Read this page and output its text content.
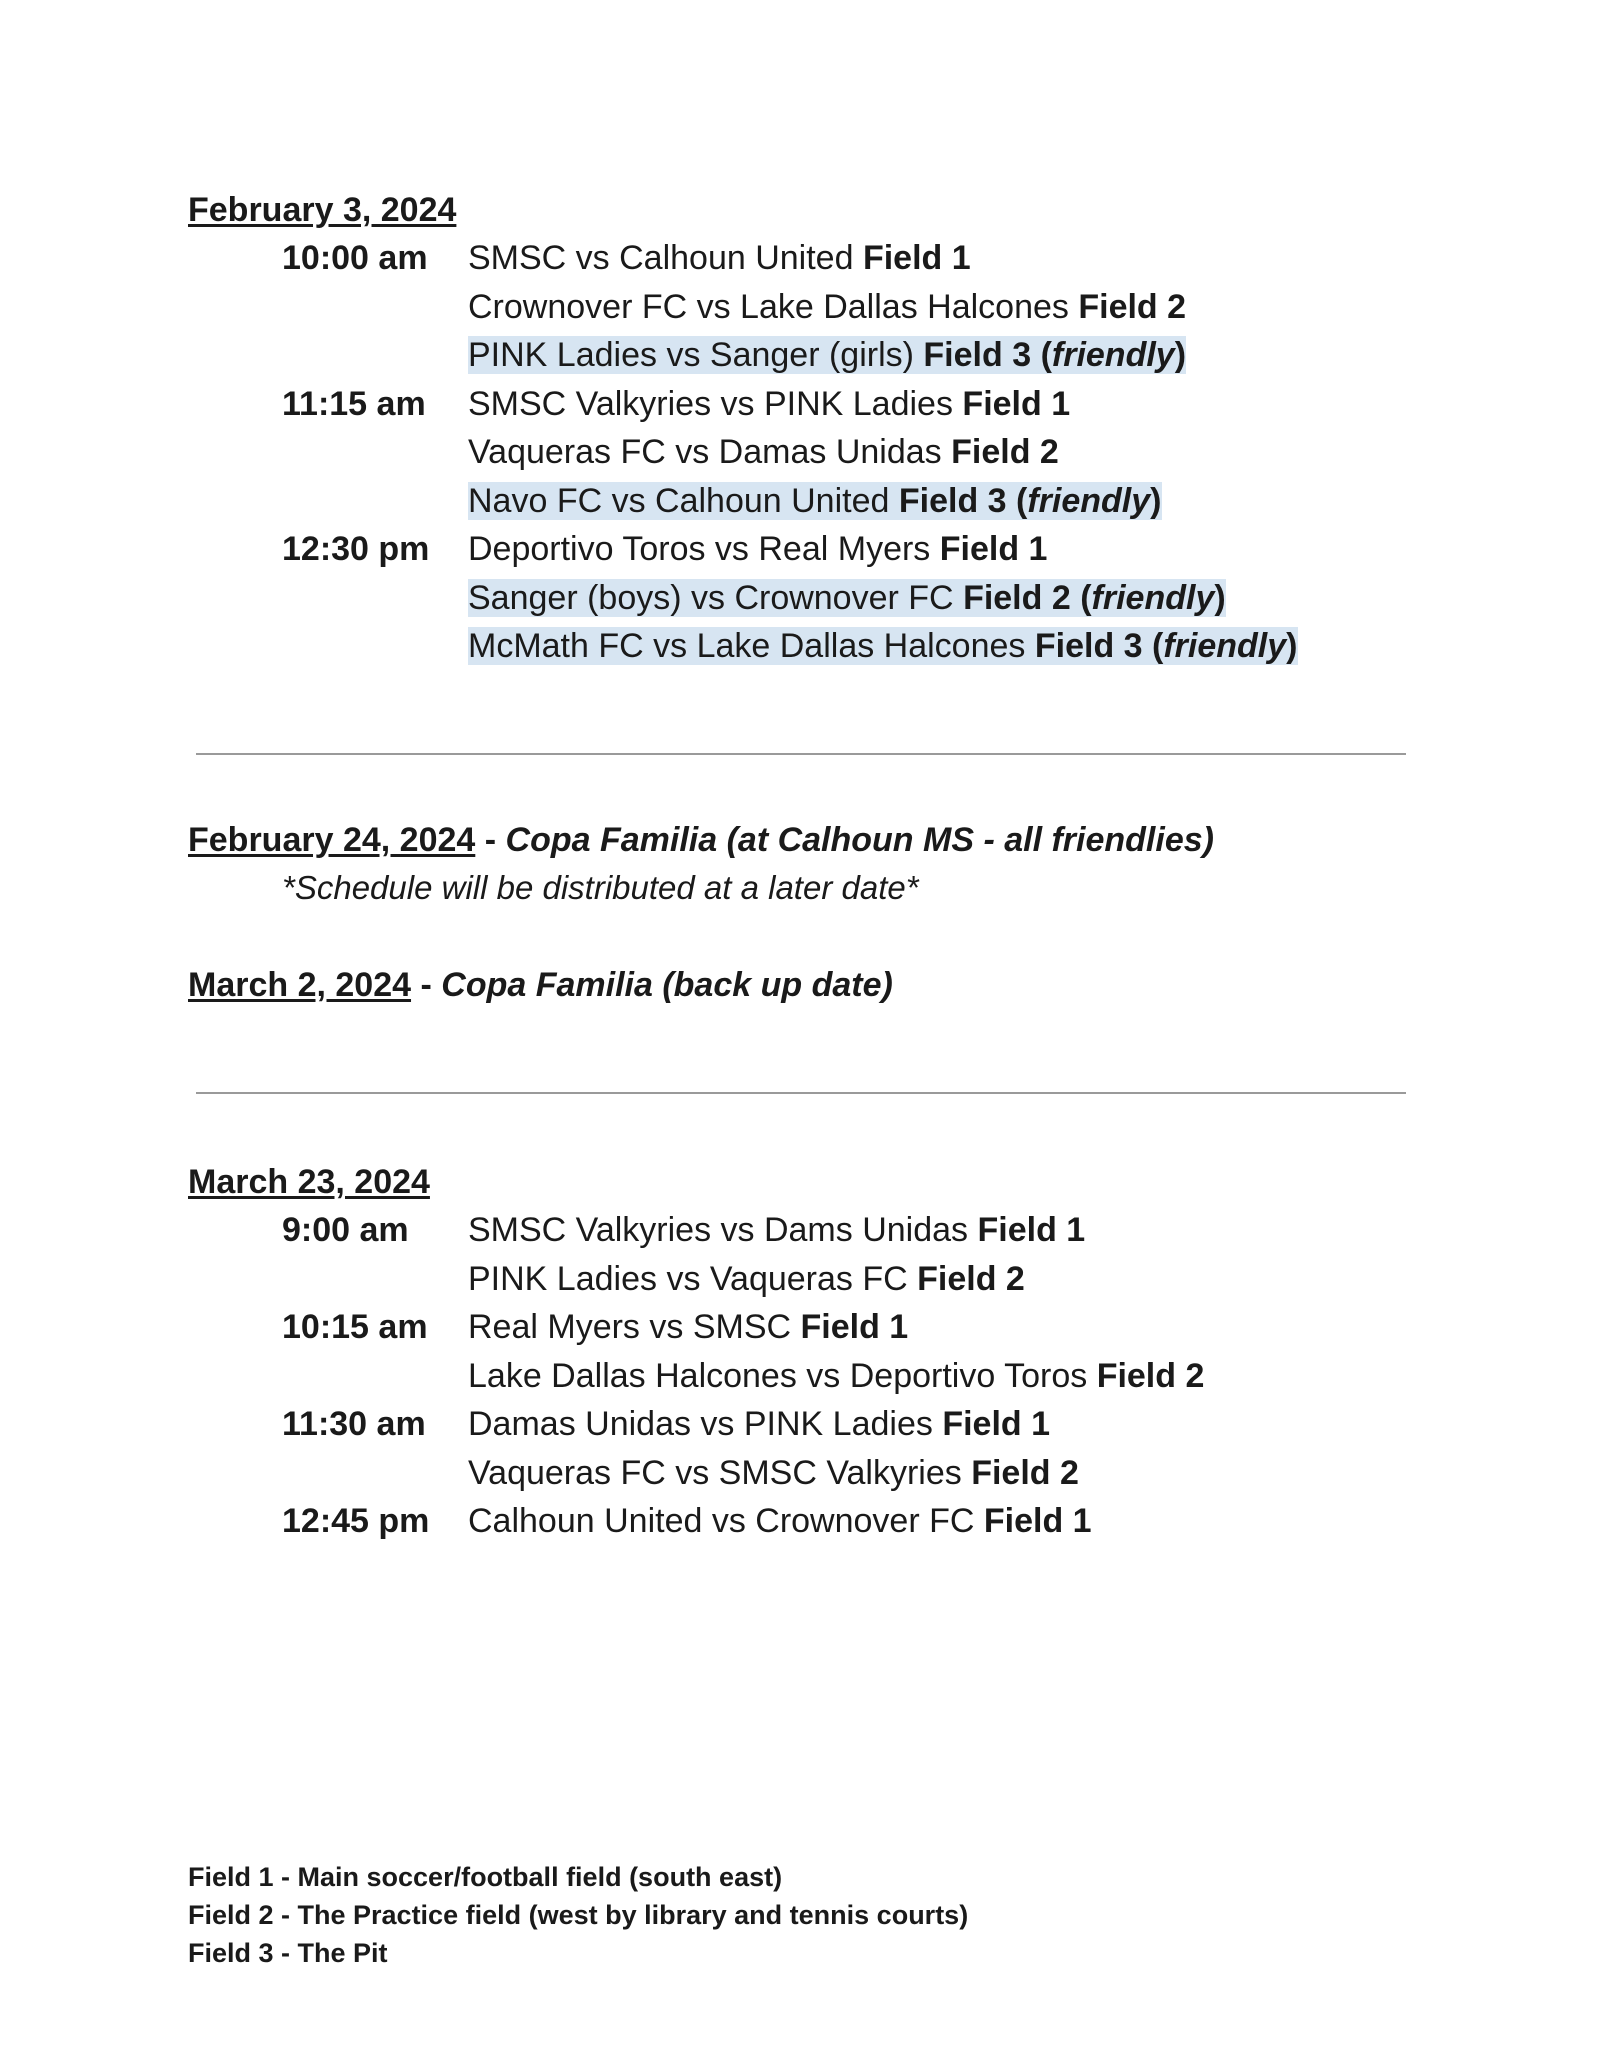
February 3, 2024
10:00 am SMSC vs Calhoun United Field 1
Crownover FC vs Lake Dallas Halcones Field 2
PINK Ladies vs Sanger (girls) Field 3 (friendly)
11:15 am SMSC Valkyries vs PINK Ladies Field 1
Vaqueras FC vs Damas Unidas Field 2
Navo FC vs Calhoun United Field 3 (friendly)
12:30 pm Deportivo Toros vs Real Myers Field 1
Sanger (boys) vs Crownover FC Field 2 (friendly)
McMath FC vs Lake Dallas Halcones Field 3 (friendly)
February 24, 2024 - Copa Familia (at Calhoun MS - all friendlies)
*Schedule will be distributed at a later date*
March 2, 2024 - Copa Familia (back up date)
March 23, 2024
9:00 am SMSC Valkyries vs Dams Unidas Field 1
PINK Ladies vs Vaqueras FC Field 2
10:15 am Real Myers vs SMSC Field 1
Lake Dallas Halcones vs Deportivo Toros Field 2
11:30 am Damas Unidas vs PINK Ladies Field 1
Vaqueras FC vs SMSC Valkyries Field 2
12:45 pm Calhoun United vs Crownover FC Field 1
Field 1 - Main soccer/football field (south east)
Field 2 - The Practice field (west by library and tennis courts)
Field 3 - The Pit
